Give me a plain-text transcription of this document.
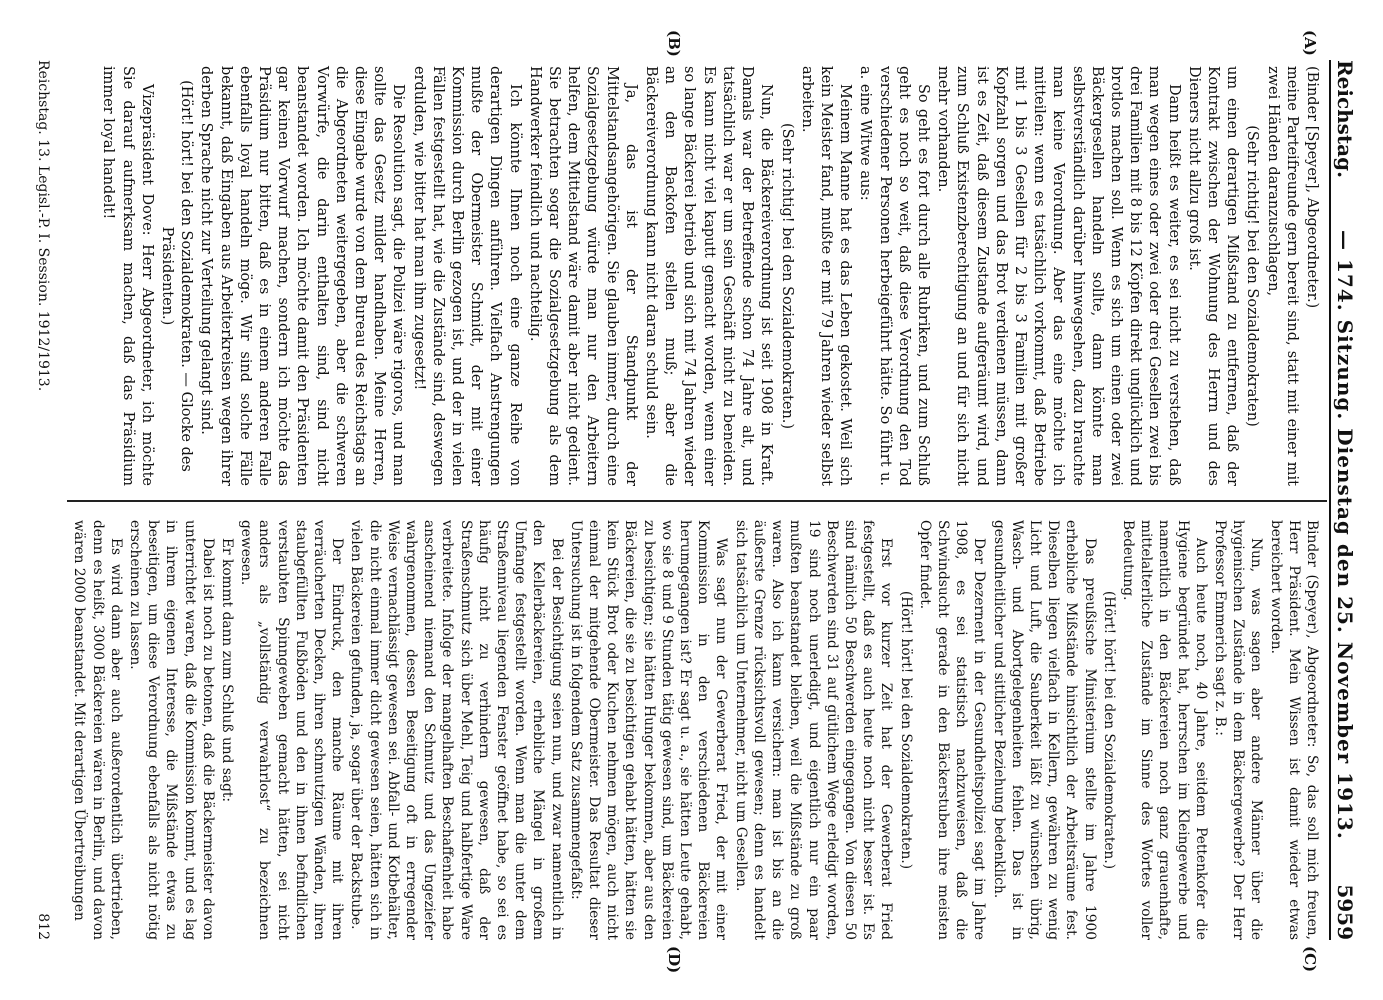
Reichstag.
— 174. Sitzung. Dienstag den 25. November 1913.
5959
(A)
(B)
(C)
(D)

(Binder [Speyer], Abgeordneter.)

meine Parteifreunde gern bereit sind, statt mit einer mit zwei Händen daranzuschlagen,

(Sehr richtig! bei den Sozialdemokraten)

um einen derartigen Mißstand zu entfernen, daß der Kontrakt zwischen der Wohnung des Herrn und des Dieners nicht allzu groß ist.

Dann heißt es weiter, es sei nicht zu verstehen, daß man wegen eines oder zwei oder drei Gesellen zwei bis drei Familien mit 8 bis 12 Köpfen direkt unglücklich und brotlos machen soll. Wenn es sich um einen oder zwei Bäckergesellen handeln sollte, dann könnte man selbstverständlich darüber hinwegsehen, dazu brauchte man keine Verordnung. Aber das eine möchte ich mitteilen: wenn es tatsächlich vorkommt, daß Betriebe mit 1 bis 3 Gesellen für 2 bis 3 Familien mit großer Kopfzahl sorgen und das Brot verdienen müssen, dann ist es Zeit, daß diesem Zustande aufgeräumt wird, und zum Schluß Existenzberechtigung an und für sich nicht mehr vorhanden.

So geht es fort durch alle Rubriken, und zum Schluß geht es noch so weit, daß diese Verordnung den Tod verschiedener Personen herbeigeführt hätte. So führt u. a. eine Witwe aus:

Meinem Manne hat es das Leben gekostet. Weil sich kein Meister fand, mußte er mit 79 Jahren wieder selbst arbeiten.

(Sehr richtig! bei den Sozialdemokraten.)

Nun, die Bäckereiverordnung ist seit 1908 in Kraft. Damals war der Betreffende schon 74 Jahre alt, und tatsächlich war er um sein Geschäft nicht zu beneiden. Es kann nicht viel kaputt gemacht worden, wenn einer so lange Bäckerei betrieb und sich mit 74 Jahren wieder an den Backofen stellen muß; aber die Bäckereiverordnung kann nicht daran schuld sein.

Ja, das ist der Standpunkt der Mittelstandsangehörigen. Sie glauben immer, durch eine Sozialgesetzgebung würde man nur den Arbeitern helfen, dem Mittelstand wäre damit aber nicht gedient. Sie betrachten sogar die Sozialgesetzgebung als dem Handwerker feindlich und nachteilig.

Ich könnte Ihnen noch eine ganze Reihe von derartigen Dingen anführen. Vielfach Anstrengungen mußte der Obermeister Schmidt, der mit einer Kommission durch Berlin gezogen ist, und der in vielen Fällen festgestellt hat, wie die Zustände sind, deswegen erdulden, wie bitter hat man ihm zugesetzt!

Die Resolution sagt, die Polizei wäre rigoros, und man sollte das Gesetz milder handhaben. Meine Herren, diese Eingabe wurde von dem Bureau des Reichstags an die Abgeordneten weitergegeben, aber die schweren Vorwürfe, die darin enthalten sind, sind nicht beanstandet worden. Ich möchte damit den Präsidenten gar keinen Vorwurf machen, sondern ich möchte das Präsidium nur bitten, daß es in einem anderen Falle ebenfalls loyal handeln möge. Wir sind solche Fälle bekannt, daß Eingaben aus Arbeiterkreisen wegen ihrer derben Sprache nicht zur Verteilung gelangt sind.

(Hört! hört! bei den Sozialdemokraten. — Glocke des Präsidenten.)

Vizepräsident Dove: Herr Abgeordneter, ich möchte Sie darauf aufmerksam machen, daß das Präsidium immer loyal handelt!

Binder (Speyer), Abgeordneter: So, das soll mich freuen, Herr Präsident. Mein Wissen ist damit wieder etwas bereichert worden.

Nun, was sagen aber andere Männer über die hygienischen Zustände in dem Bäckergewerbe? Der Herr Professor Emmerich sagt z. B.:

Auch heute noch, 40 Jahre, seitdem Pettenkofer die Hygiene begründet hat, herrschen im Kleingewerbe und namentlich in den Bäckereien noch ganz grauenhafte, mittelalterliche Zustände im Sinne des Wortes voller Bedeutung.

(Hört! hört! bei den Sozialdemokraten.)

Das preußische Ministerium stellte im Jahre 1900 erhebliche Mißstände hinsichtlich der Arbeitsräume fest. Dieselben liegen vielfach in Kellern, gewähren zu wenig Licht und Luft, die Sauberkeit läßt zu wünschen übrig, Wasch- und Abortgelegenheiten fehlen. Das ist in gesundheitlicher und sittlicher Beziehung bedenklich.

Der Dezernent in der Gesundheitspolizei sagt im Jahre 1908, es sei statistisch nachzuweisen, daß die Schwindsucht gerade in den Bäckerstuben ihre meisten Opfer findet.

(Hört! hört! bei den Sozialdemokraten.)

Erst vor kurzer Zeit hat der Gewerberat Fried festgestellt, daß es auch heute noch nicht besser ist. Es sind nämlich 50 Beschwerden eingegangen. Von diesen 50 Beschwerden sind 31 auf gütlichem Wege erledigt worden, 19 sind noch unerledigt, und eigentlich nur ein paar mußten beanstandet bleiben, weil die Mißstände zu groß waren. Also ich kann versichern: man ist bis an die äußerste Grenze rücksichtsvoll gewesen; denn es handelt sich tatsächlich um Unternehmer, nicht um Gesellen.

Was sagt nun der Gewerberat Fried, der mit einer Kommission in den verschiedenen Bäckereien herumgegangen ist? Er sagt u. a., sie hätten Leute gehabt, wo sie 8 und 9 Stunden tätig gewesen sind, um Bäckereien zu besichtigen; sie hätten Hunger bekommen, aber aus den Bäckereien, die sie zu besichtigen gehabt hätten, hätten sie kein Stück Brot oder Kuchen nehmen mögen, auch nicht einmal der mitgehende Obermeister. Das Resultat dieser Untersuchung ist in folgendem Satz zusammengefaßt:

Bei der Besichtigung seien nun, und zwar namentlich in den Kellerbäckereien, erhebliche Mängel in großem Umfange festgestellt worden. Wenn man die unter dem Straßenniveau liegenden Fenster geöffnet habe, so sei es häufig nicht zu verhindern gewesen, daß der Straßenschmutz sich über Mehl, Teig und halbfertige Ware verbreitete. Infolge der mangelhaften Beschaffenheit habe anscheinend niemand den Schmutz und das Ungeziefer wahrgenommen, dessen Beseitigung oft in erregender Weise vernachlässigt gewesen sei. Abfall- und Kotbehälter, die nicht einmal immer dicht gewesen seien, hätten sich in vielen Bäckereien gefunden, ja, sogar über der Backstube.

Der Eindruck, den manche Räume mit ihren verräucherten Decken, ihren schmutzigen Wänden, ihren staubgefüllten Fußböden und den in ihnen befindlichen verstaubten Spinngeweben gemacht hätten, sei nicht anders als „vollständig verwahrlost“ zu bezeichnen gewesen.

Er kommt dann zum Schluß und sagt:

Dabei ist noch zu betonen, daß die Bäckermeister davon unterrichtet waren, daß die Kommission kommt, und es lag in ihrem eigenen Interesse, die Mißstände etwas zu beseitigen, um diese Verordnung ebenfalls als nicht nötig erscheinen zu lassen.

Es wird dann aber auch außerordentlich übertrieben, denn es heißt, 3000 Bäckereien wären in Berlin, und davon wären 2000 beanstandet. Mit derartigen Übertreibungen

Reichstag. 13. Legisl.-P. I. Session. 1912/1913.
812
